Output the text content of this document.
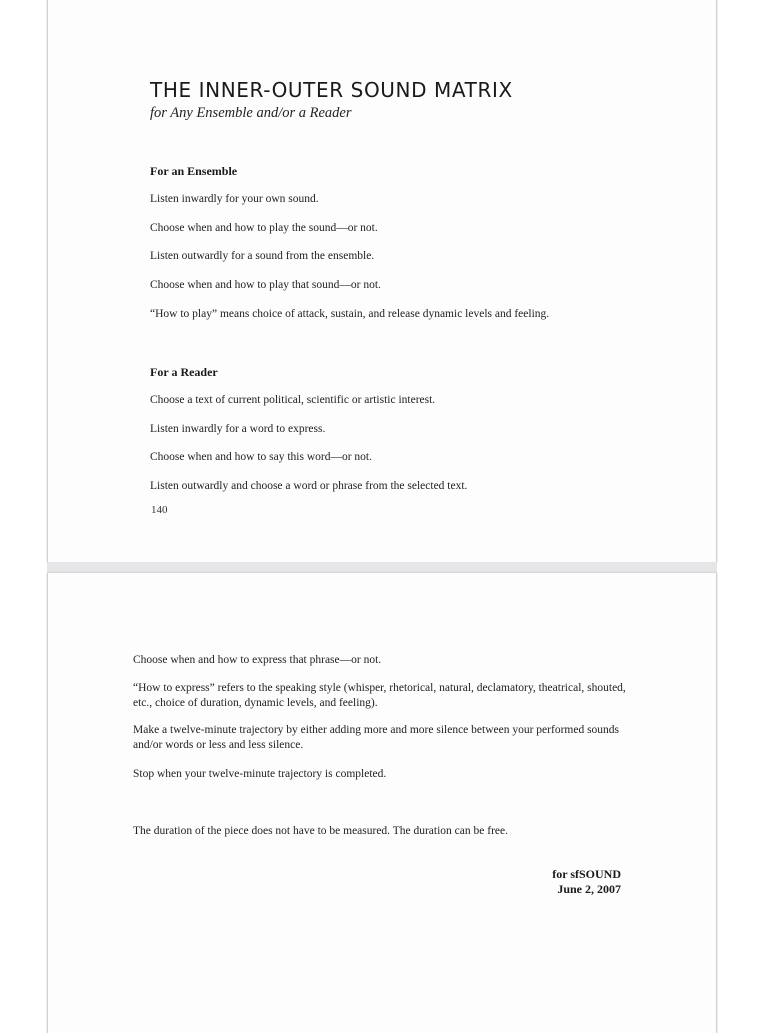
THE INNER-OUTER SOUND MATRIX
for Any Ensemble and/or a Reader
For an Ensemble
Listen inwardly for your own sound.
Choose when and how to play the sound—or not.
Listen outwardly for a sound from the ensemble.
Choose when and how to play that sound—or not.
“How to play” means choice of attack, sustain, and release dynamic levels and feeling.
For a Reader
Choose a text of current political, scientific or artistic interest.
Listen inwardly for a word to express.
Choose when and how to say this word—or not.
Listen outwardly and choose a word or phrase from the selected text.
140
Choose when and how to express that phrase—or not.
“How to express” refers to the speaking style (whisper, rhetorical, natural, declamatory, theatrical, shouted, etc., choice of duration, dynamic levels, and feeling).
Make a twelve-minute trajectory by either adding more and more silence between your performed sounds and/or words or less and less silence.
Stop when your twelve-minute trajectory is completed.
The duration of the piece does not have to be measured. The duration can be free.
for sfSOUND
June 2, 2007
